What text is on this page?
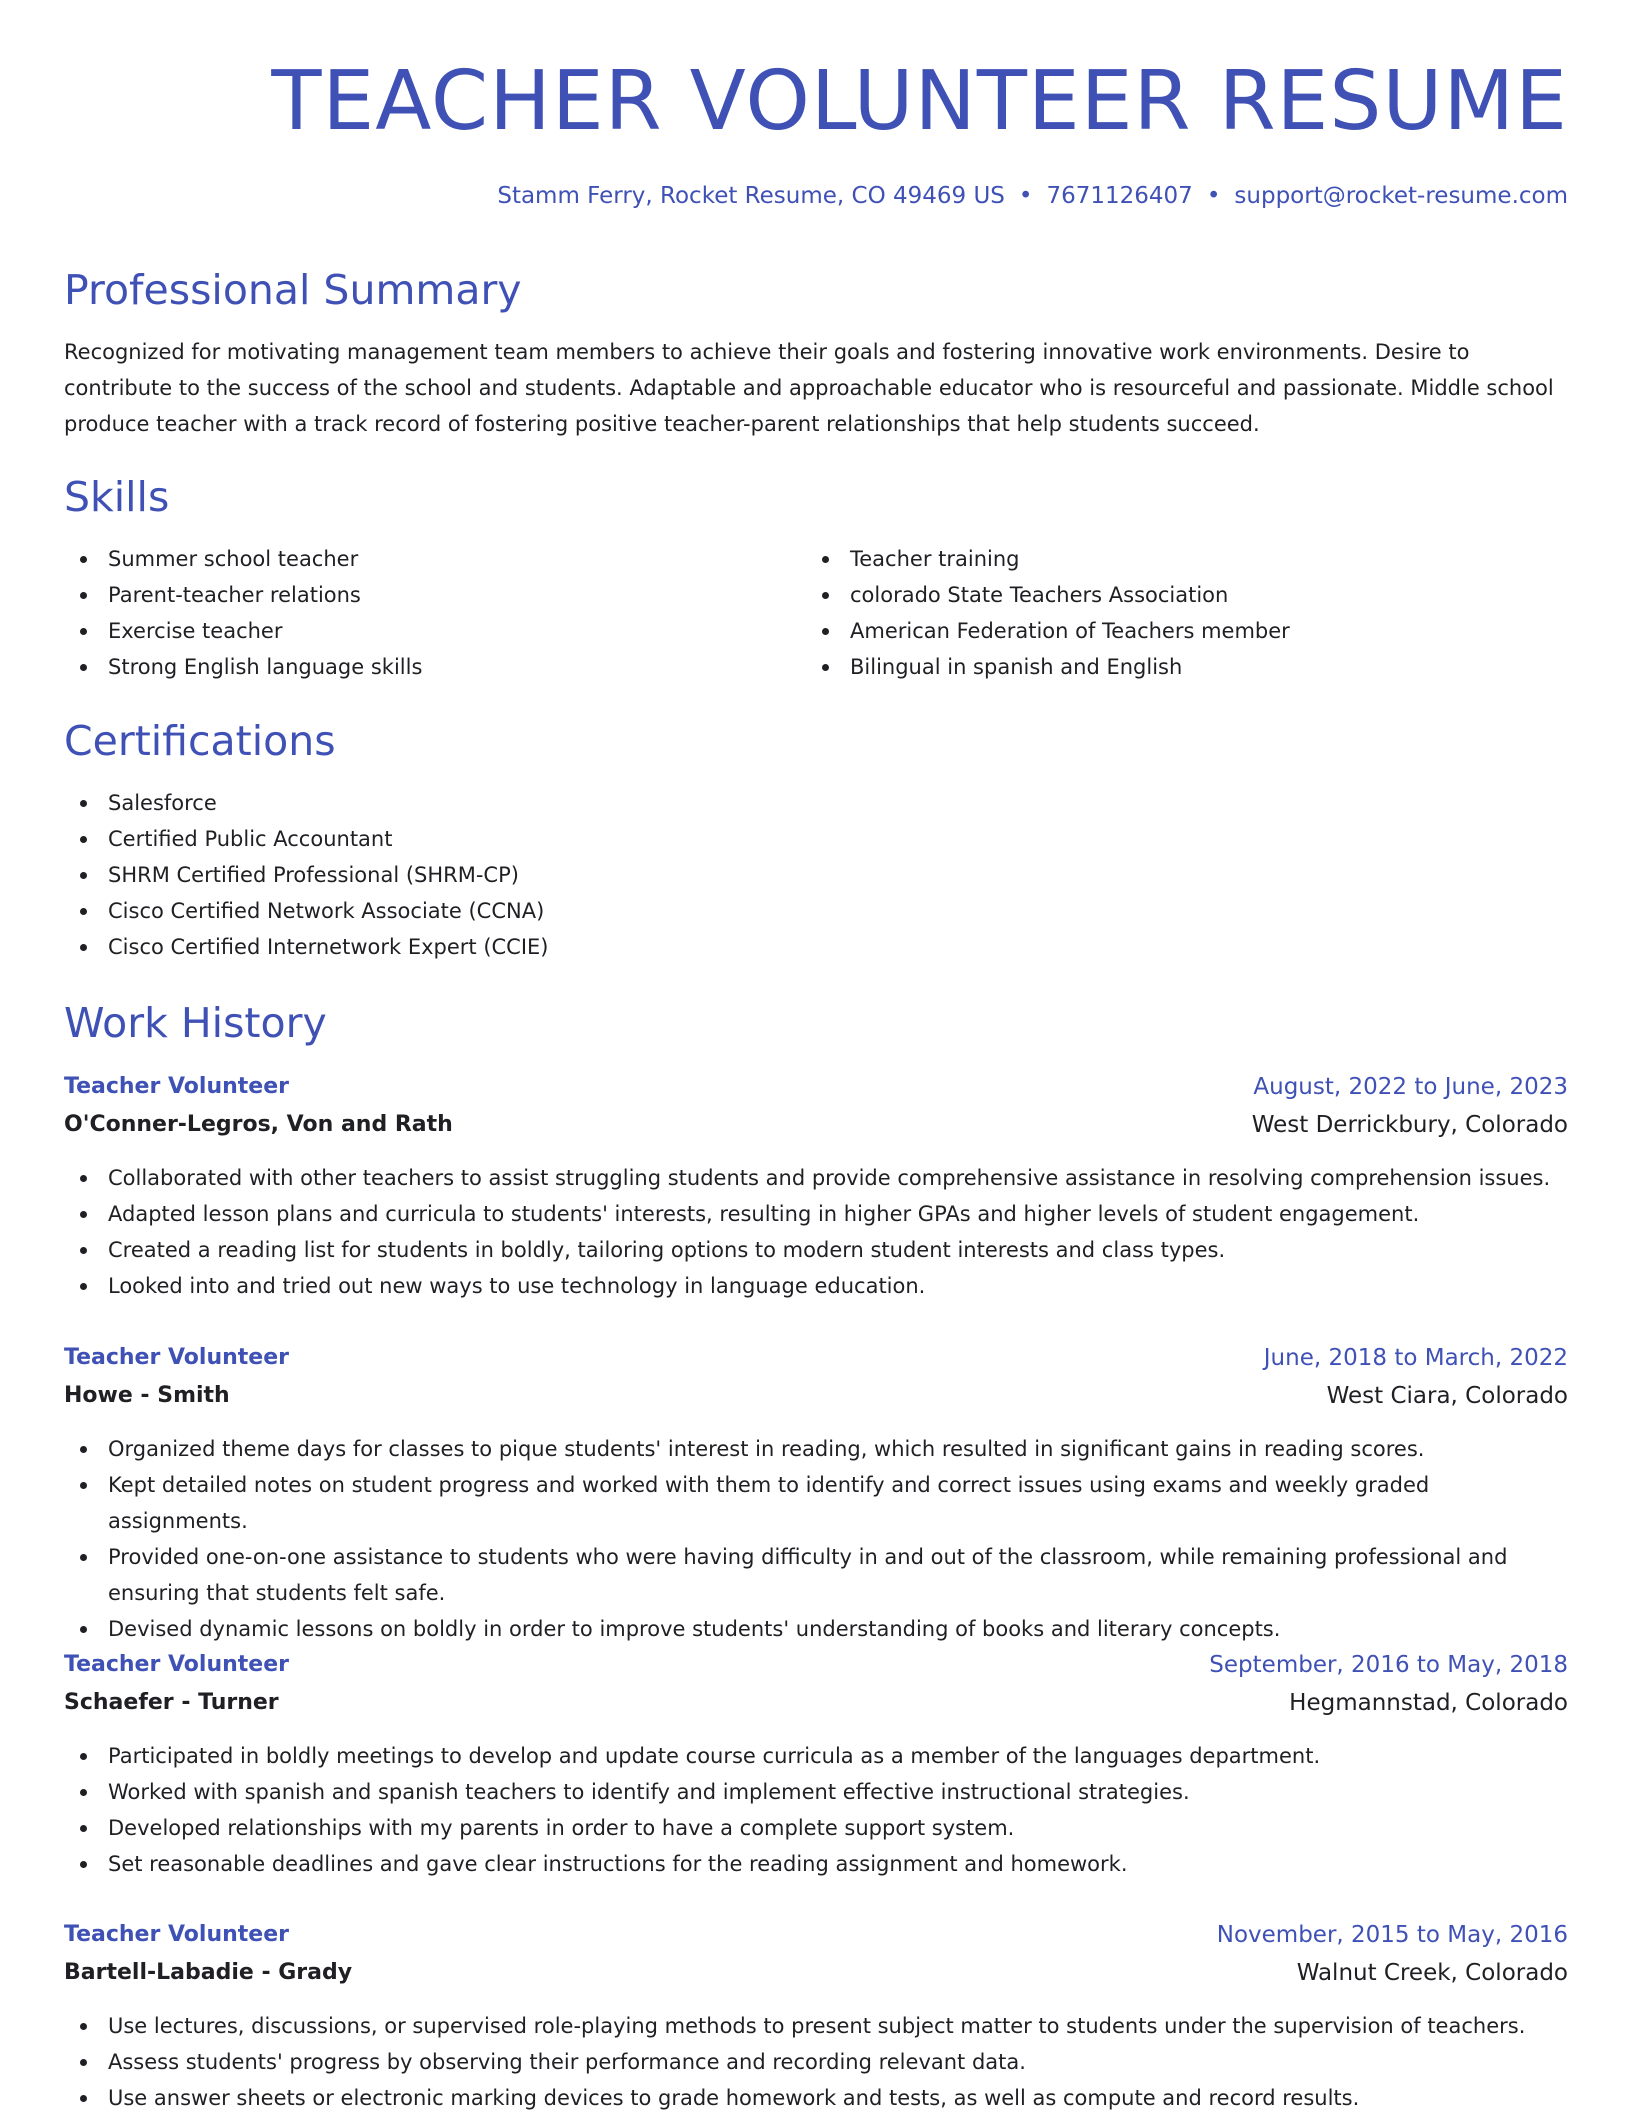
TEACHER VOLUNTEER RESUME
Stamm Ferry, Rocket Resume, CO 49469 US • 7671126407 • support@rocket-resume.com
Professional Summary

Recognized for motivating management team members to achieve their goals and fostering innovative work environments. Desire to contribute to the success of the school and students. Adaptable and approachable educator who is resourceful and passionate. Middle school produce teacher with a track record of fostering positive teacher-parent relationships that help students succeed.

Skills
Summer school teacher
Parent-teacher relations
Exercise teacher
Strong English language skills
Teacher training
colorado State Teachers Association
American Federation of Teachers member
Bilingual in spanish and English
Certifications
Salesforce
Certified Public Accountant
SHRM Certified Professional (SHRM-CP)
Cisco Certified Network Associate (CCNA)
Cisco Certified Internetwork Expert (CCIE)
Work History
Teacher Volunteer	August, 2022 to June, 2023
O'Conner-Legros, Von and Rath	West Derrickbury, Colorado
Collaborated with other teachers to assist struggling students and provide comprehensive assistance in resolving comprehension issues.
Adapted lesson plans and curricula to students' interests, resulting in higher GPAs and higher levels of student engagement.
Created a reading list for students in boldly, tailoring options to modern student interests and class types.
Looked into and tried out new ways to use technology in language education.
Teacher Volunteer	June, 2018 to March, 2022
Howe - Smith	West Ciara, Colorado
Organized theme days for classes to pique students' interest in reading, which resulted in significant gains in reading scores.
Kept detailed notes on student progress and worked with them to identify and correct issues using exams and weekly graded assignments.
Provided one-on-one assistance to students who were having difficulty in and out of the classroom, while remaining professional and ensuring that students felt safe.
Devised dynamic lessons on boldly in order to improve students' understanding of books and literary concepts.
Teacher Volunteer	September, 2016 to May, 2018
Schaefer - Turner	Hegmannstad, Colorado
Participated in boldly meetings to develop and update course curricula as a member of the languages department.
Worked with spanish and spanish teachers to identify and implement effective instructional strategies.
Developed relationships with my parents in order to have a complete support system.
Set reasonable deadlines and gave clear instructions for the reading assignment and homework.
Teacher Volunteer	November, 2015 to May, 2016
Bartell-Labadie - Grady	Walnut Creek, Colorado
Use lectures, discussions, or supervised role-playing methods to present subject matter to students under the supervision of teachers.
Assess students' progress by observing their performance and recording relevant data.
Use answer sheets or electronic marking devices to grade homework and tests, as well as compute and record results.
